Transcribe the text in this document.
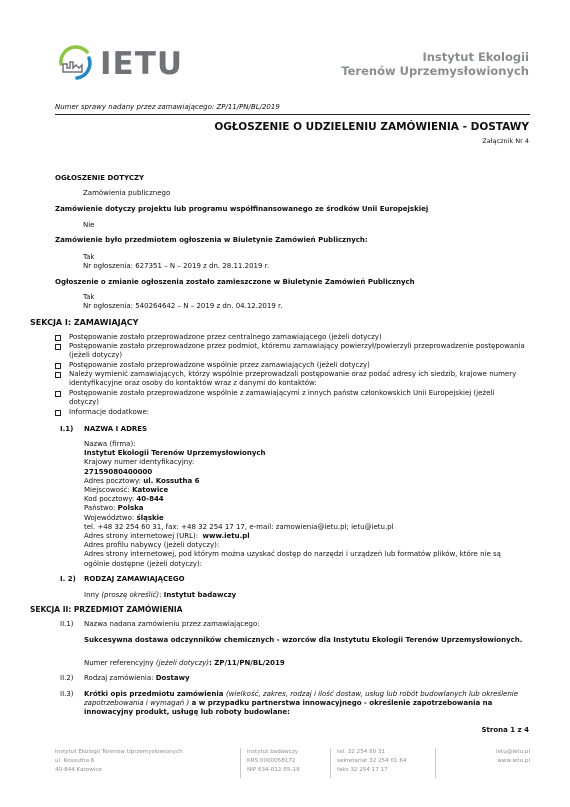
IETU	Instytut Ekologii
Terenów Uprzemysłowionych
Numer sprawy nadany przez zamawiającego: ZP/11/PN/BL/2019
OGŁOSZENIE O UDZIELENIU ZAMÓWIENIA - DOSTAWY
Załącznik Nr 4
OGŁOSZENIE DOTYCZY
Zamówienia publicznego
Zamówienie dotyczy projektu lub programu współfinansowanego ze środków Unii Europejskiej
Nie
Zamówienie było przedmiotem ogłoszenia w Biuletynie Zamówień Publicznych:
Tak
Nr ogłoszenia: 627351 – N – 2019 z dn. 28.11.2019 r.
Ogłoszenie o zmianie ogłoszenia zostało zamieszczone w Biuletynie Zamówień Publicznych
Tak
Nr ogłoszenia: 540264642 – N – 2019 z dn. 04.12.2019 r.
SEKCJA I: ZAMAWIAJĄCY
Postępowanie zostało przeprowadzone przez centralnego zamawiającego (jeżeli dotyczy)
Postępowanie zostało przeprowadzone przez podmiot, któremu zamawiający powierzył/powierzyli przeprowadzenie postępowania (jeżeli dotyczy)
Postępowanie zostało przeprowadzone wspólnie przez zamawiających (jeżeli dotyczy)
Należy wymienić zamawiających, którzy wspólnie przeprowadzali postępowanie oraz podać adresy ich siedzib, krajowe numery identyfikacyjne oraz osoby do kontaktów wraz z danymi do kontaktów:
Postępowanie zostało przeprowadzone wspólnie z zamawiającymi z innych państw członkowskich Unii Europejskiej (jeżeli dotyczy)
Informacje dodatkowe:
I.1) NAZWA I ADRES
Nazwa (firma):
Instytut Ekologii Terenów Uprzemysłowionych
Krajowy numer identyfikacyjny:
27159080400000
Adres pocztowy: ul. Kossutha 6
Miejscowość: Katowice
Kod pocztowy: 40-844
Państwo: Polska
Województwo: śląskie
tel. +48 32 254 60 31, fax: +48 32 254 17 17, e-mail: zamowienia@ietu.pl; ietu@ietu.pl
Adres strony internetowej (URL): www.ietu.pl
Adres profilu nabywcy (jeżeli dotyczy):
Adres strony internetowej, pod którym można uzyskać dostęp do narzędzi i urządzeń lub formatów plików, które nie są ogólnie dostępne (jeżeli dotyczy):
I. 2) RODZAJ ZAMAWIAJĄCEGO
Inny (proszę określić): Instytut badawczy
SEKCJA II: PRZEDMIOT ZAMÓWIENIA
II.1) Nazwa nadana zamówieniu przez zamawiającego:
Sukcesywna dostawa odczynników chemicznych - wzorców dla Instytutu Ekologii Terenów Uprzemysłowionych.
Numer referencyjny (jeżeli dotyczy): ZP/11/PN/BL/2019
II.2) Rodzaj zamówienia: Dostawy
II.3) Krótki opis przedmiotu zamówienia (wielkość, zakres, rodzaj i ilość dostaw, usług lub robót budowlanych lub określenie zapotrzebowania i wymagań ) a w przypadku partnerstwa innowacyjnego - określenie zapotrzebowania na innowacyjny produkt, usługę lub roboty budowlane:
Strona 1 z 4
Instytut Ekologii Terenów Uprzemysłowionych
ul. Kossutha 6
40-844 Katowice
instytut badawczy
KRS 0000058172
NIP 634-012-55-19
tel. 32 254 60 31
sekretariat 32 254 01 64
faks 32 254 17 17
ietu@ietu.pl
www.ietu.pl
